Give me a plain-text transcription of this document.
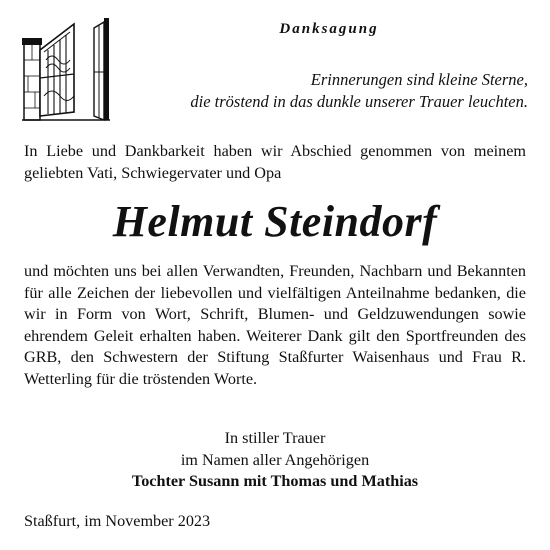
Danksagung
Erinnerungen sind kleine Sterne,
die tröstend in das dunkle unserer Trauer leuchten.
In Liebe und Dankbarkeit haben wir Abschied genommen von meinem geliebten Vati, Schwiegervater und Opa
Helmut Steindorf
und möchten uns bei allen Verwandten, Freunden, Nachbarn und Bekannten für alle Zeichen der liebevollen und vielfältigen Anteilnahme bedanken, die wir in Form von Wort, Schrift, Blumen- und Geldzuwendungen sowie ehrendem Geleit erhalten haben. Weiterer Dank gilt den Sportfreunden des GRB, den Schwestern der Stiftung Staßfurter Waisenhaus und Frau R. Wetterling für die tröstenden Worte.
In stiller Trauer
im Namen aller Angehörigen
Tochter Susann mit Thomas und Mathias
Staßfurt, im November 2023
